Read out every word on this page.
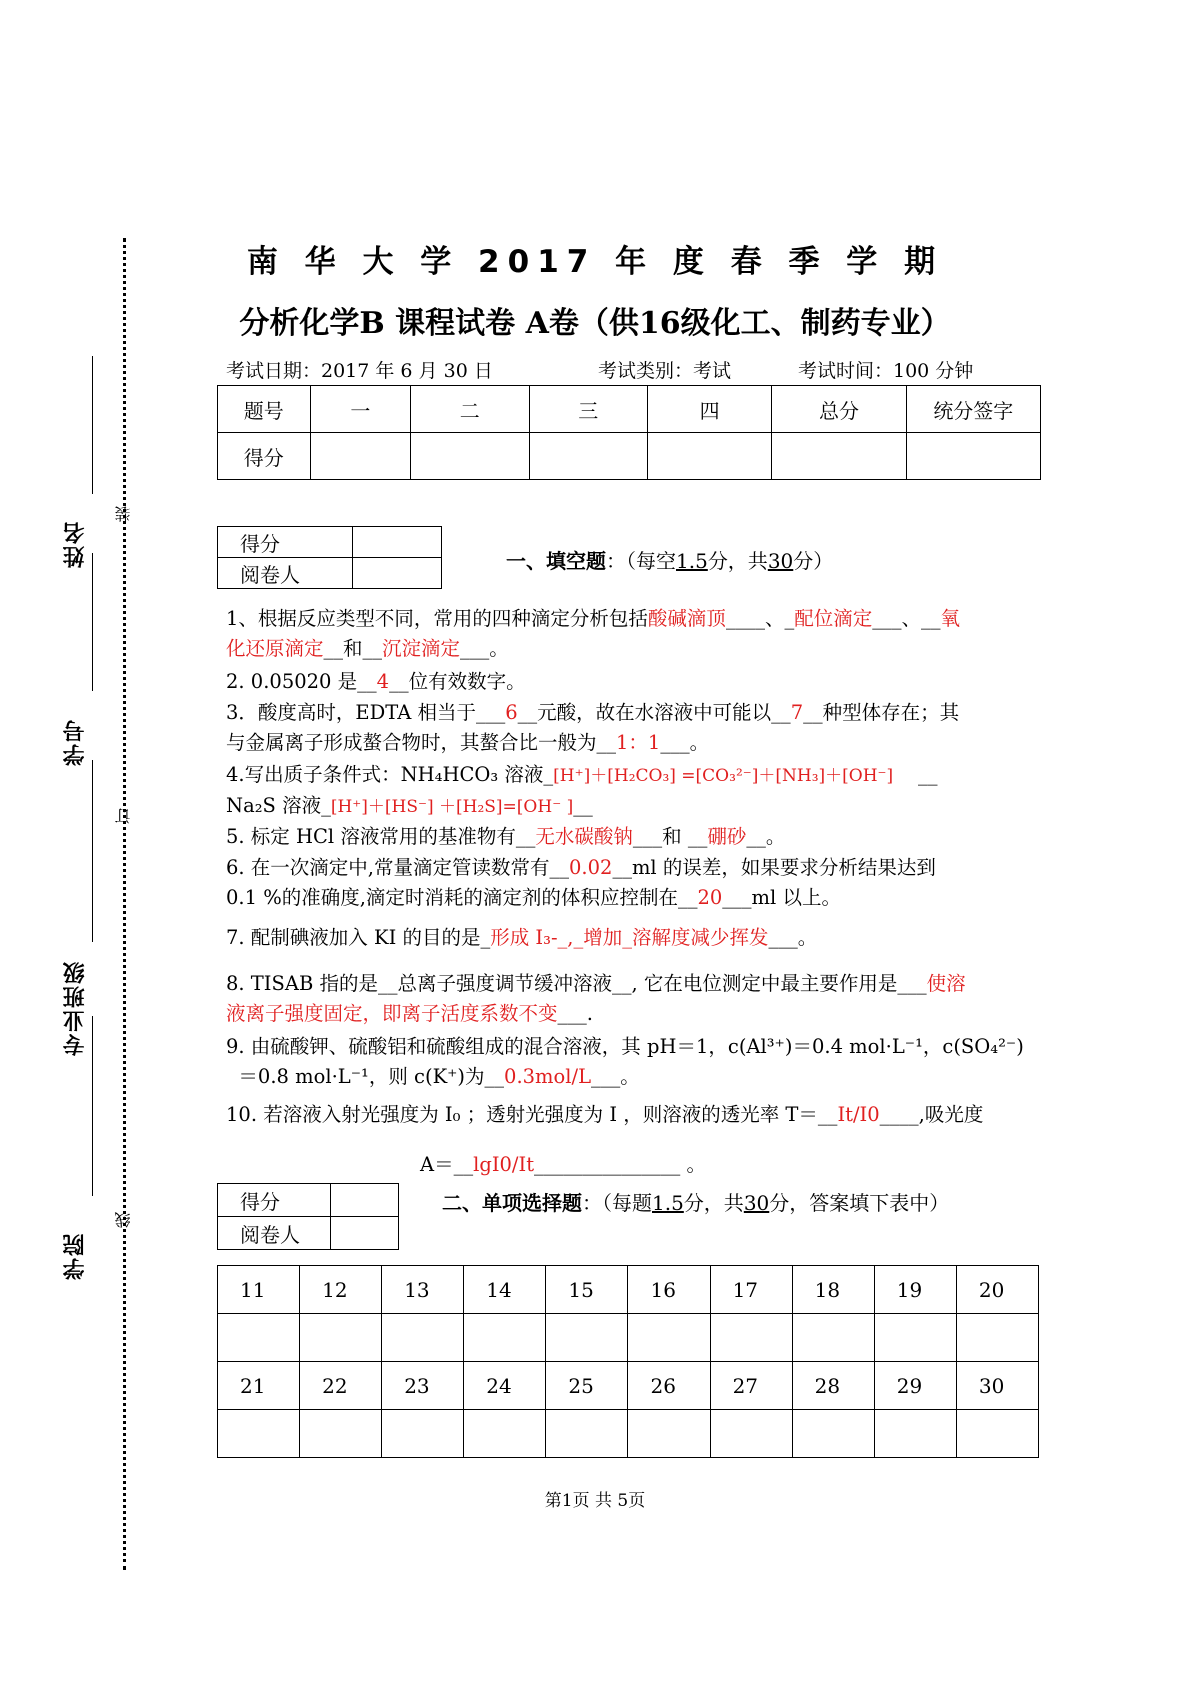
姓名
装
学号
专业班级
订
学院
线
南 华 大 学 2017 年 度 春 季 学 期
分析化学B 课程试卷 A卷（供16级化工、制药专业）
考试日期：2017 年 6 月 30 日	考试类别：考试	考试时间：100 分钟
题号	一	二	三	四	总分	统分签字
得分						
得分	
阅卷人	
一、填空题：（每空1.5分，共30分）
1、根据反应类型不同，常用的四种滴定分析包括酸碱滴顶____、_配位滴定___、__氧
化还原滴定__和__沉淀滴定___。
2. 0.05020 是__4__位有效数字。
3．酸度高时，EDTA 相当于___6__元酸，故在水溶液中可能以__7__种型体存在；其
与金属离子形成螯合物时，其螯合比一般为__1：1___。
4.写出质子条件式：NH₄HCO₃ 溶液_[H⁺]＋[H₂CO₃] =[CO₃²⁻]＋[NH₃]＋[OH⁻] __
Na₂S 溶液_[H⁺]＋[HS⁻] ＋[H₂S]=[OH⁻ ]__
5. 标定 HCl 溶液常用的基准物有__无水碳酸钠___和 __硼砂__。
6. 在一次滴定中,常量滴定管读数常有__0.02__ml 的误差，如果要求分析结果达到
0.1 %的准确度,滴定时消耗的滴定剂的体积应控制在__20___ml 以上。
7. 配制碘液加入 KI 的目的是_形成 I₃-_,_增加_溶解度减少挥发___。
8. TISAB 指的是__总离子强度调节缓冲溶液__, 它在电位测定中最主要作用是___使溶
液离子强度固定，即离子活度系数不变___.
9. 由硫酸钾、硫酸铝和硫酸组成的混合溶液，其 pH＝1，c(Al³⁺)＝0.4 mol·L⁻¹，c(SO₄²⁻)
＝0.8 mol·L⁻¹，则 c(K⁺)为__0.3mol/L___。
10. 若溶液入射光强度为 I₀ ；透射光强度为 I ，则溶液的透光率 T＝__It/I0____,吸光度
A＝__lgI0/It_______________ 。
得分	
阅卷人	
二、单项选择题：（每题1.5分，共30分，答案填下表中）
11	12	13	14	15	16	17	18	19	20

21	22	23	24	25	26	27	28	29	30

第1页 共 5页
